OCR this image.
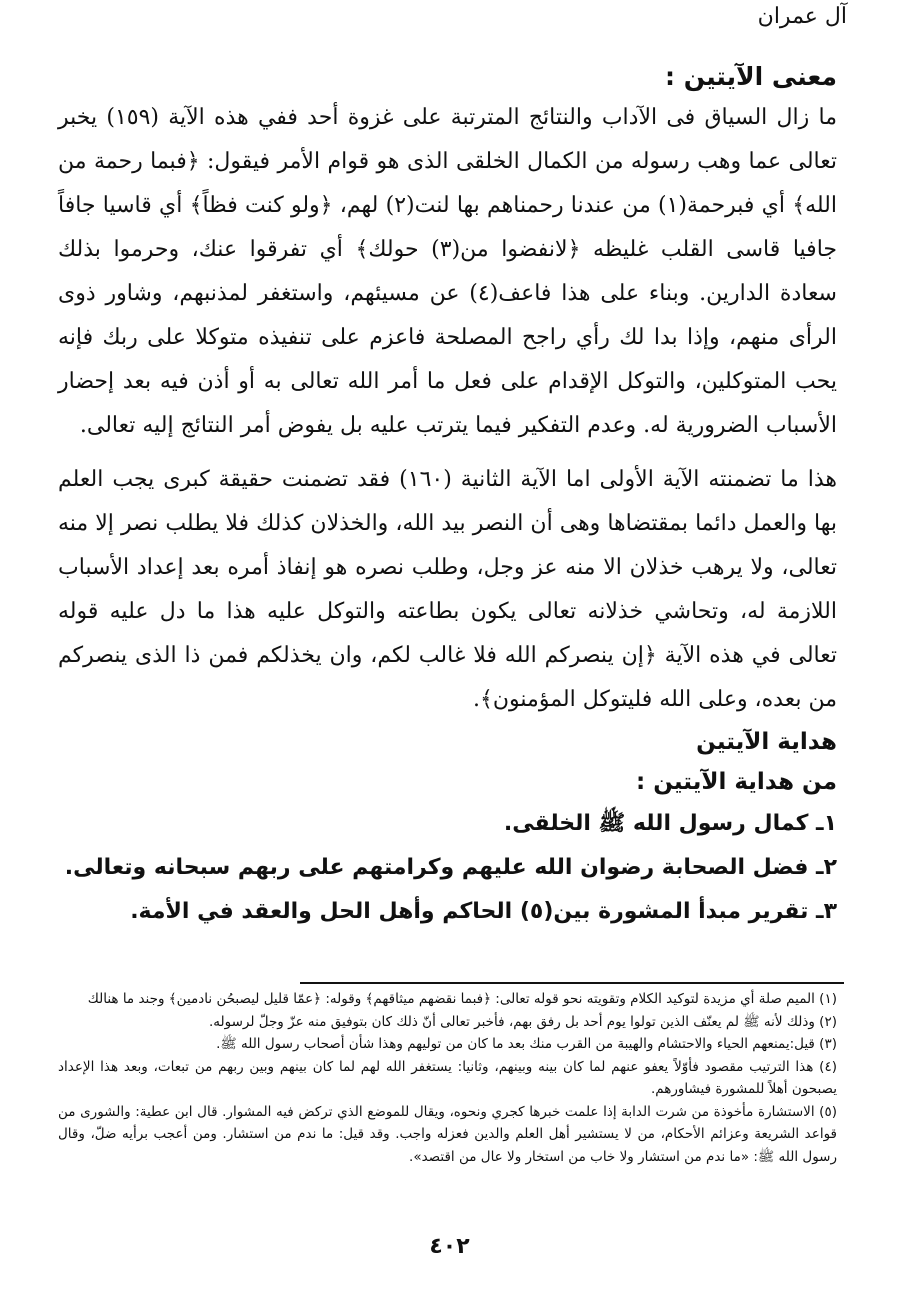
آل عمران
معنى الآيتين :

ما زال السياق فى الآداب والنتائج المترتبة على غزوة أحد ففي هذه الآية (١٥٩) يخبر تعالى عما وهب رسوله من الكمال الخلقى الذى هو قوام الأمر فيقول: ﴿فبما رحمة من الله﴾ أي فبرحمة(١) من عندنا رحمناهم بها لنت(٢) لهم، ﴿ولو كنت فظاً﴾ أي قاسيا جافاً جافيا قاسى القلب غليظه ﴿لانفضوا من(٣) حولك﴾ أي تفرقوا عنك، وحرموا بذلك سعادة الدارين. وبناء على هذا فاعف(٤) عن مسيئهم، واستغفر لمذنبهم، وشاور ذوى الرأى منهم، وإذا بدا لك رأي راجح المصلحة فاعزم على تنفيذه متوكلا على ربك فإنه يحب المتوكلين، والتوكل الإقدام على فعل ما أمر الله تعالى به أو أذن فيه بعد إحضار الأسباب الضرورية له. وعدم التفكير فيما يترتب عليه بل يفوض أمر النتائج إليه تعالى.

هذا ما تضمنته الآية الأولى اما الآية الثانية (١٦٠) فقد تضمنت حقيقة كبرى يجب العلم بها والعمل دائما بمقتضاها وهى أن النصر بيد الله، والخذلان كذلك فلا يطلب نصر إلا منه تعالى، ولا يرهب خذلان الا منه عز وجل، وطلب نصره هو إنفاذ أمره بعد إعداد الأسباب اللازمة له، وتحاشي خذلانه تعالى يكون بطاعته والتوكل عليه هذا ما دل عليه قوله تعالى في هذه الآية ﴿إن ينصركم الله فلا غالب لكم، وان يخذلكم فمن ذا الذى ينصركم من بعده، وعلى الله فليتوكل المؤمنون﴾.

هداية الآيتين
من هداية الآيتين :
١ـ كمال رسول الله ﷺ الخلقى.
٢ـ فضل الصحابة رضوان الله عليهم وكرامتهم على ربهم سبحانه وتعالى.
٣ـ تقرير مبدأ المشورة بين(٥) الحاكم وأهل الحل والعقد في الأمة.

(١) الميم صلة أي مزيدة لتوكيد الكلام وتقويته نحو قوله تعالى: ﴿فبما نقضهم ميثاقهم﴾ وقوله: ﴿عمّا قليل ليصبحُن نادمين﴾ وجند ما هنالك

(٢) وذلك لأنه ﷺ لم يعنّف الذين تولوا يوم أحد بل رفق بهم، فأخبر تعالى أنّ ذلك كان بتوفيق منه عزّ وجلّ لرسوله.

(٣) قيل:يمنعهم الحياء والاحتشام والهيبة من القرب منك بعد ما كان من توليهم وهذا شأن أصحاب رسول الله ﷺ.

(٤) هذا الترتيب مقصود فأوّلاً يعفو عنهم لما كان بينه وبينهم، وثانيا: يستغفر الله لهم لما كان بينهم وبين ربهم من تبعات، وبعد هذا الإعداد يصبحون أهلاً للمشورة فيشاورهم.

(٥) الاستشارة مأخوذة من شرت الدابة إذا علمت خبرها كجري ونحوه، ويقال للموضع الذي تركض فيه المشوار. قال ابن عطية: والشورى من قواعد الشريعة وعزائم الأحكام، من لا يستشير أهل العلم والدين فعزله واجب. وقد قيل: ما ندم من استشار. ومن أعجب برأيه ضلّ، وقال رسول الله ﷺ: «ما ندم من استشار ولا خاب من استخار ولا عال من اقتصد».

٤٠٢
